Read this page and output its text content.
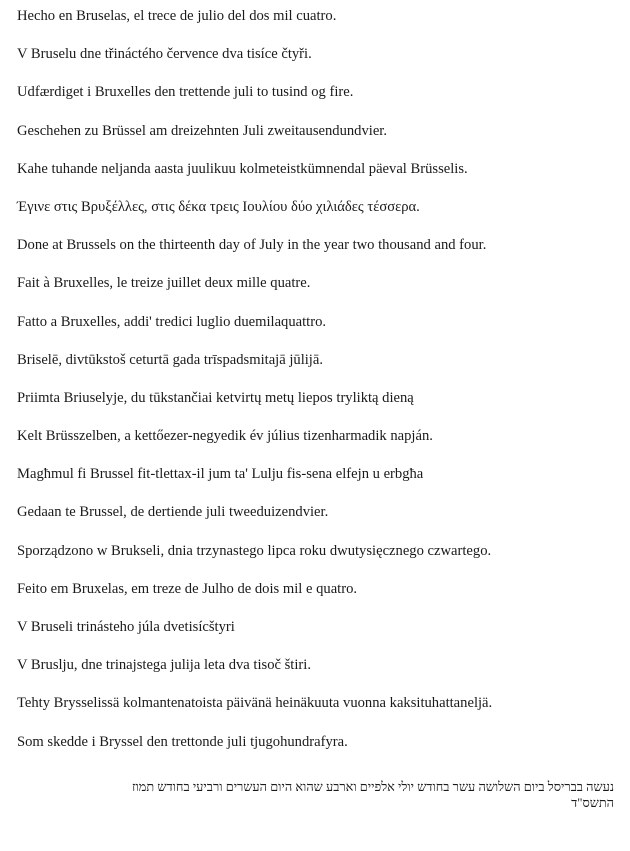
Hecho en Bruselas, el trece de julio del dos mil cuatro.
V Bruselu dne třináctého července dva tisíce čtyři.
Udfærdiget i Bruxelles den trettende juli to tusind og fire.
Geschehen zu Brüssel am dreizehnten Juli zweitausendundvier.
Kahe tuhande neljanda aasta juulikuu kolmeteistkümnendal päeval Brüsselis.
Έγινε στις Βρυξέλλες, στις δέκα τρεις Ιουλίου δύο χιλιάδες τέσσερα.
Done at Brussels on the thirteenth day of July in the year two thousand and four.
Fait à Bruxelles, le treize juillet deux mille quatre.
Fatto a Bruxelles, addi' tredici luglio duemilaquattro.
Briselē, divtūkstoš ceturtā gada trīspadsmitajā jūlijā.
Priimta Briuselyje, du tūkstančiai ketvirtų metų liepos tryliktą dieną
Kelt Brüsszelben, a kettőezer-negyedik év július tizenharmadik napján.
Magħmul fi Brussel fit-tlettax-il jum ta' Lulju fis-sena elfejn u erbgħa
Gedaan te Brussel, de dertiende juli tweeduizendvier.
Sporządzono w Brukseli, dnia trzynastego lipca roku dwutysięcznego czwartego.
Feito em Bruxelas, em treze de Julho de dois mil e quatro.
V Bruseli trinásteho júla dvetisícštyri
V Bruslju, dne trinajstega julija leta dva tisoč štiri.
Tehty Brysselissä kolmantenatoista päivänä heinäkuuta vuonna kaksituhattaneljä.
Som skedde i Bryssel den trettonde juli tjugohundrafyra.
נעשה בבריסל ביום השלושה עשר בחודש יולי אלפיים וארבע שהוא היום העשרים ורביעי בחודש תמוז
התשס"ד
